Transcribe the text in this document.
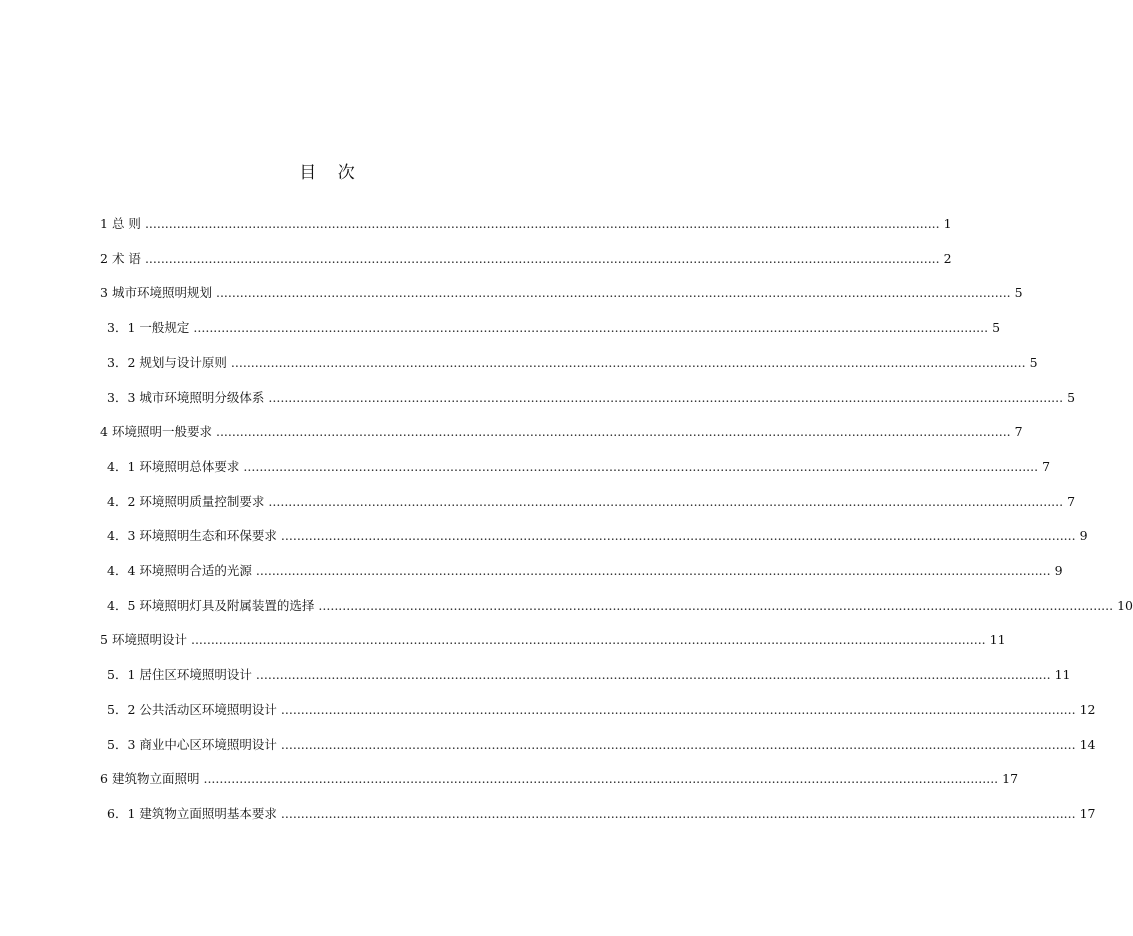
目 次
1 总 则 ........................................................................................................................................................................................................ 1
2 术 语 ........................................................................................................................................................................................................ 2
3 城市环境照明规划 ........................................................................................................................................................................................................ 5
3．1 一般规定 ........................................................................................................................................................................................................ 5
3．2 规划与设计原则 ........................................................................................................................................................................................................ 5
3．3 城市环境照明分级体系 ........................................................................................................................................................................................................ 5
4 环境照明一般要求 ........................................................................................................................................................................................................ 7
4．1 环境照明总体要求 ........................................................................................................................................................................................................ 7
4．2 环境照明质量控制要求 ........................................................................................................................................................................................................ 7
4．3 环境照明生态和环保要求 ........................................................................................................................................................................................................ 9
4．4 环境照明合适的光源 ........................................................................................................................................................................................................ 9
4．5 环境照明灯具及附属装置的选择 ........................................................................................................................................................................................................ 10
5 环境照明设计 ........................................................................................................................................................................................................ 11
5．1 居住区环境照明设计 ........................................................................................................................................................................................................ 11
5．2 公共活动区环境照明设计 ........................................................................................................................................................................................................ 12
5．3 商业中心区环境照明设计 ........................................................................................................................................................................................................ 14
6 建筑物立面照明 ........................................................................................................................................................................................................ 17
6．1 建筑物立面照明基本要求 ........................................................................................................................................................................................................ 17
